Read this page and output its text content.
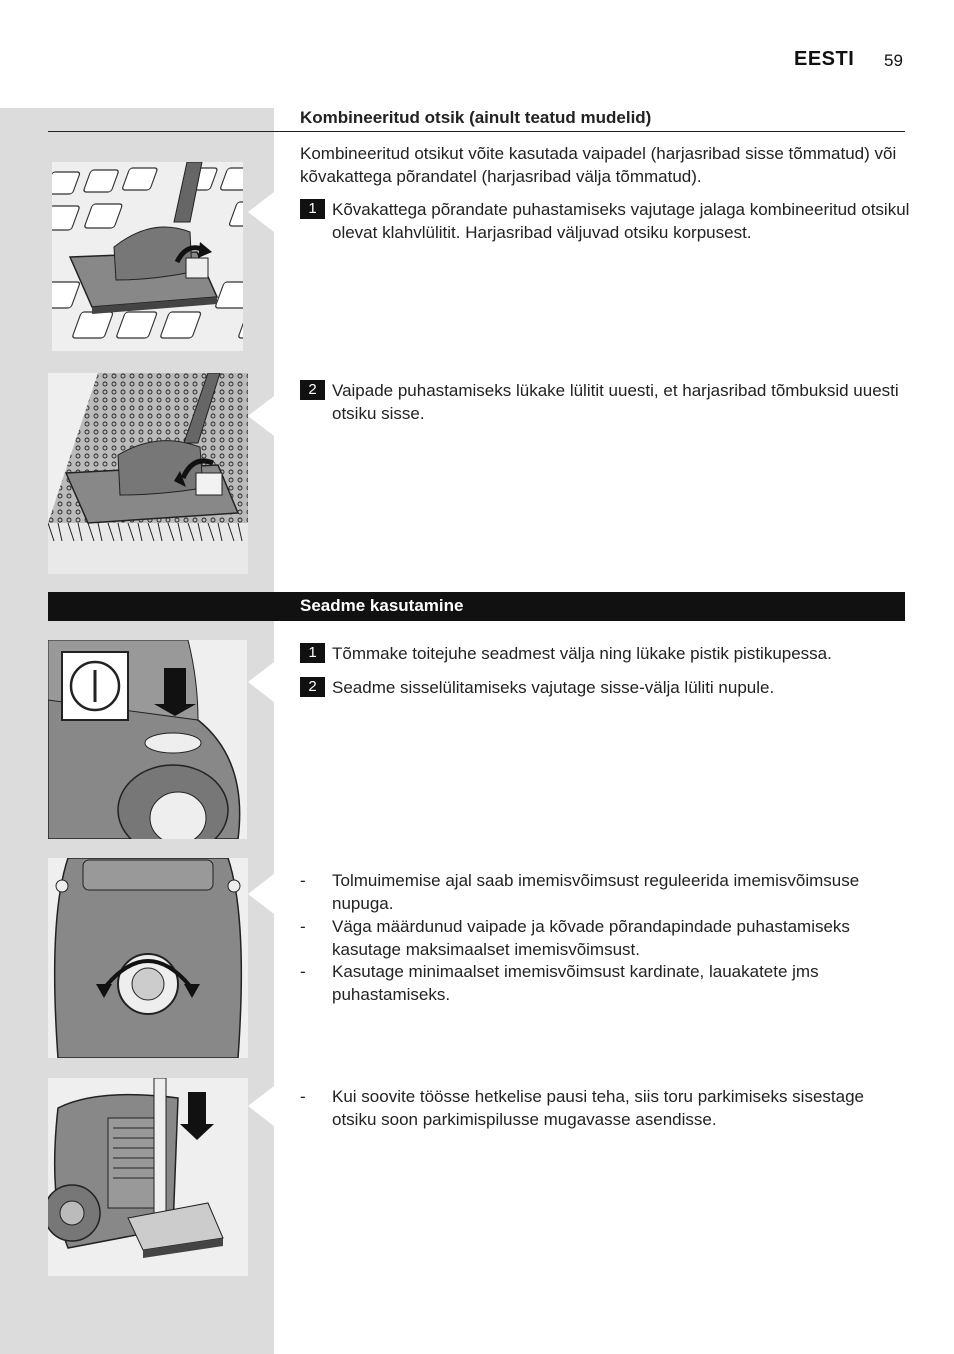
EESTI 59
Kombineeritud otsik (ainult teatud mudelid)
Kombineeritud otsikut võite kasutada vaipadel (harjasribad sisse tõmmatud) või kõvakattega põrandatel (harjasribad välja tõmmatud).
1 Kõvakattega põrandate puhastamiseks vajutage jalaga kombineeritud otsikul olevat klahvlülitit. Harjasribad väljuvad otsiku korpusest.
2 Vaipade puhastamiseks lükake lülitit uuesti, et harjasribad tõmbuksid uuesti otsiku sisse.
Seadme kasutamine
1 Tõmmake toitejuhe seadmest välja ning lükake pistik pistikupessa.
2 Seadme sisselülitamiseks vajutage sisse-välja lüliti nupule.
- Tolmuimemise ajal saab imemisvõimsust reguleerida imemisvõimsuse nupuga.
- Väga määrdunud vaipade ja kõvade põrandapindade puhastamiseks kasutage maksimaalset imemisvõimsust.
- Kasutage minimaalset imemisvõimsust kardinate, lauakatete jms puhastamiseks.
- Kui soovite töösse hetkelise pausi teha, siis toru parkimiseks sisestage otsiku soon parkimispilusse mugavasse asendisse.
